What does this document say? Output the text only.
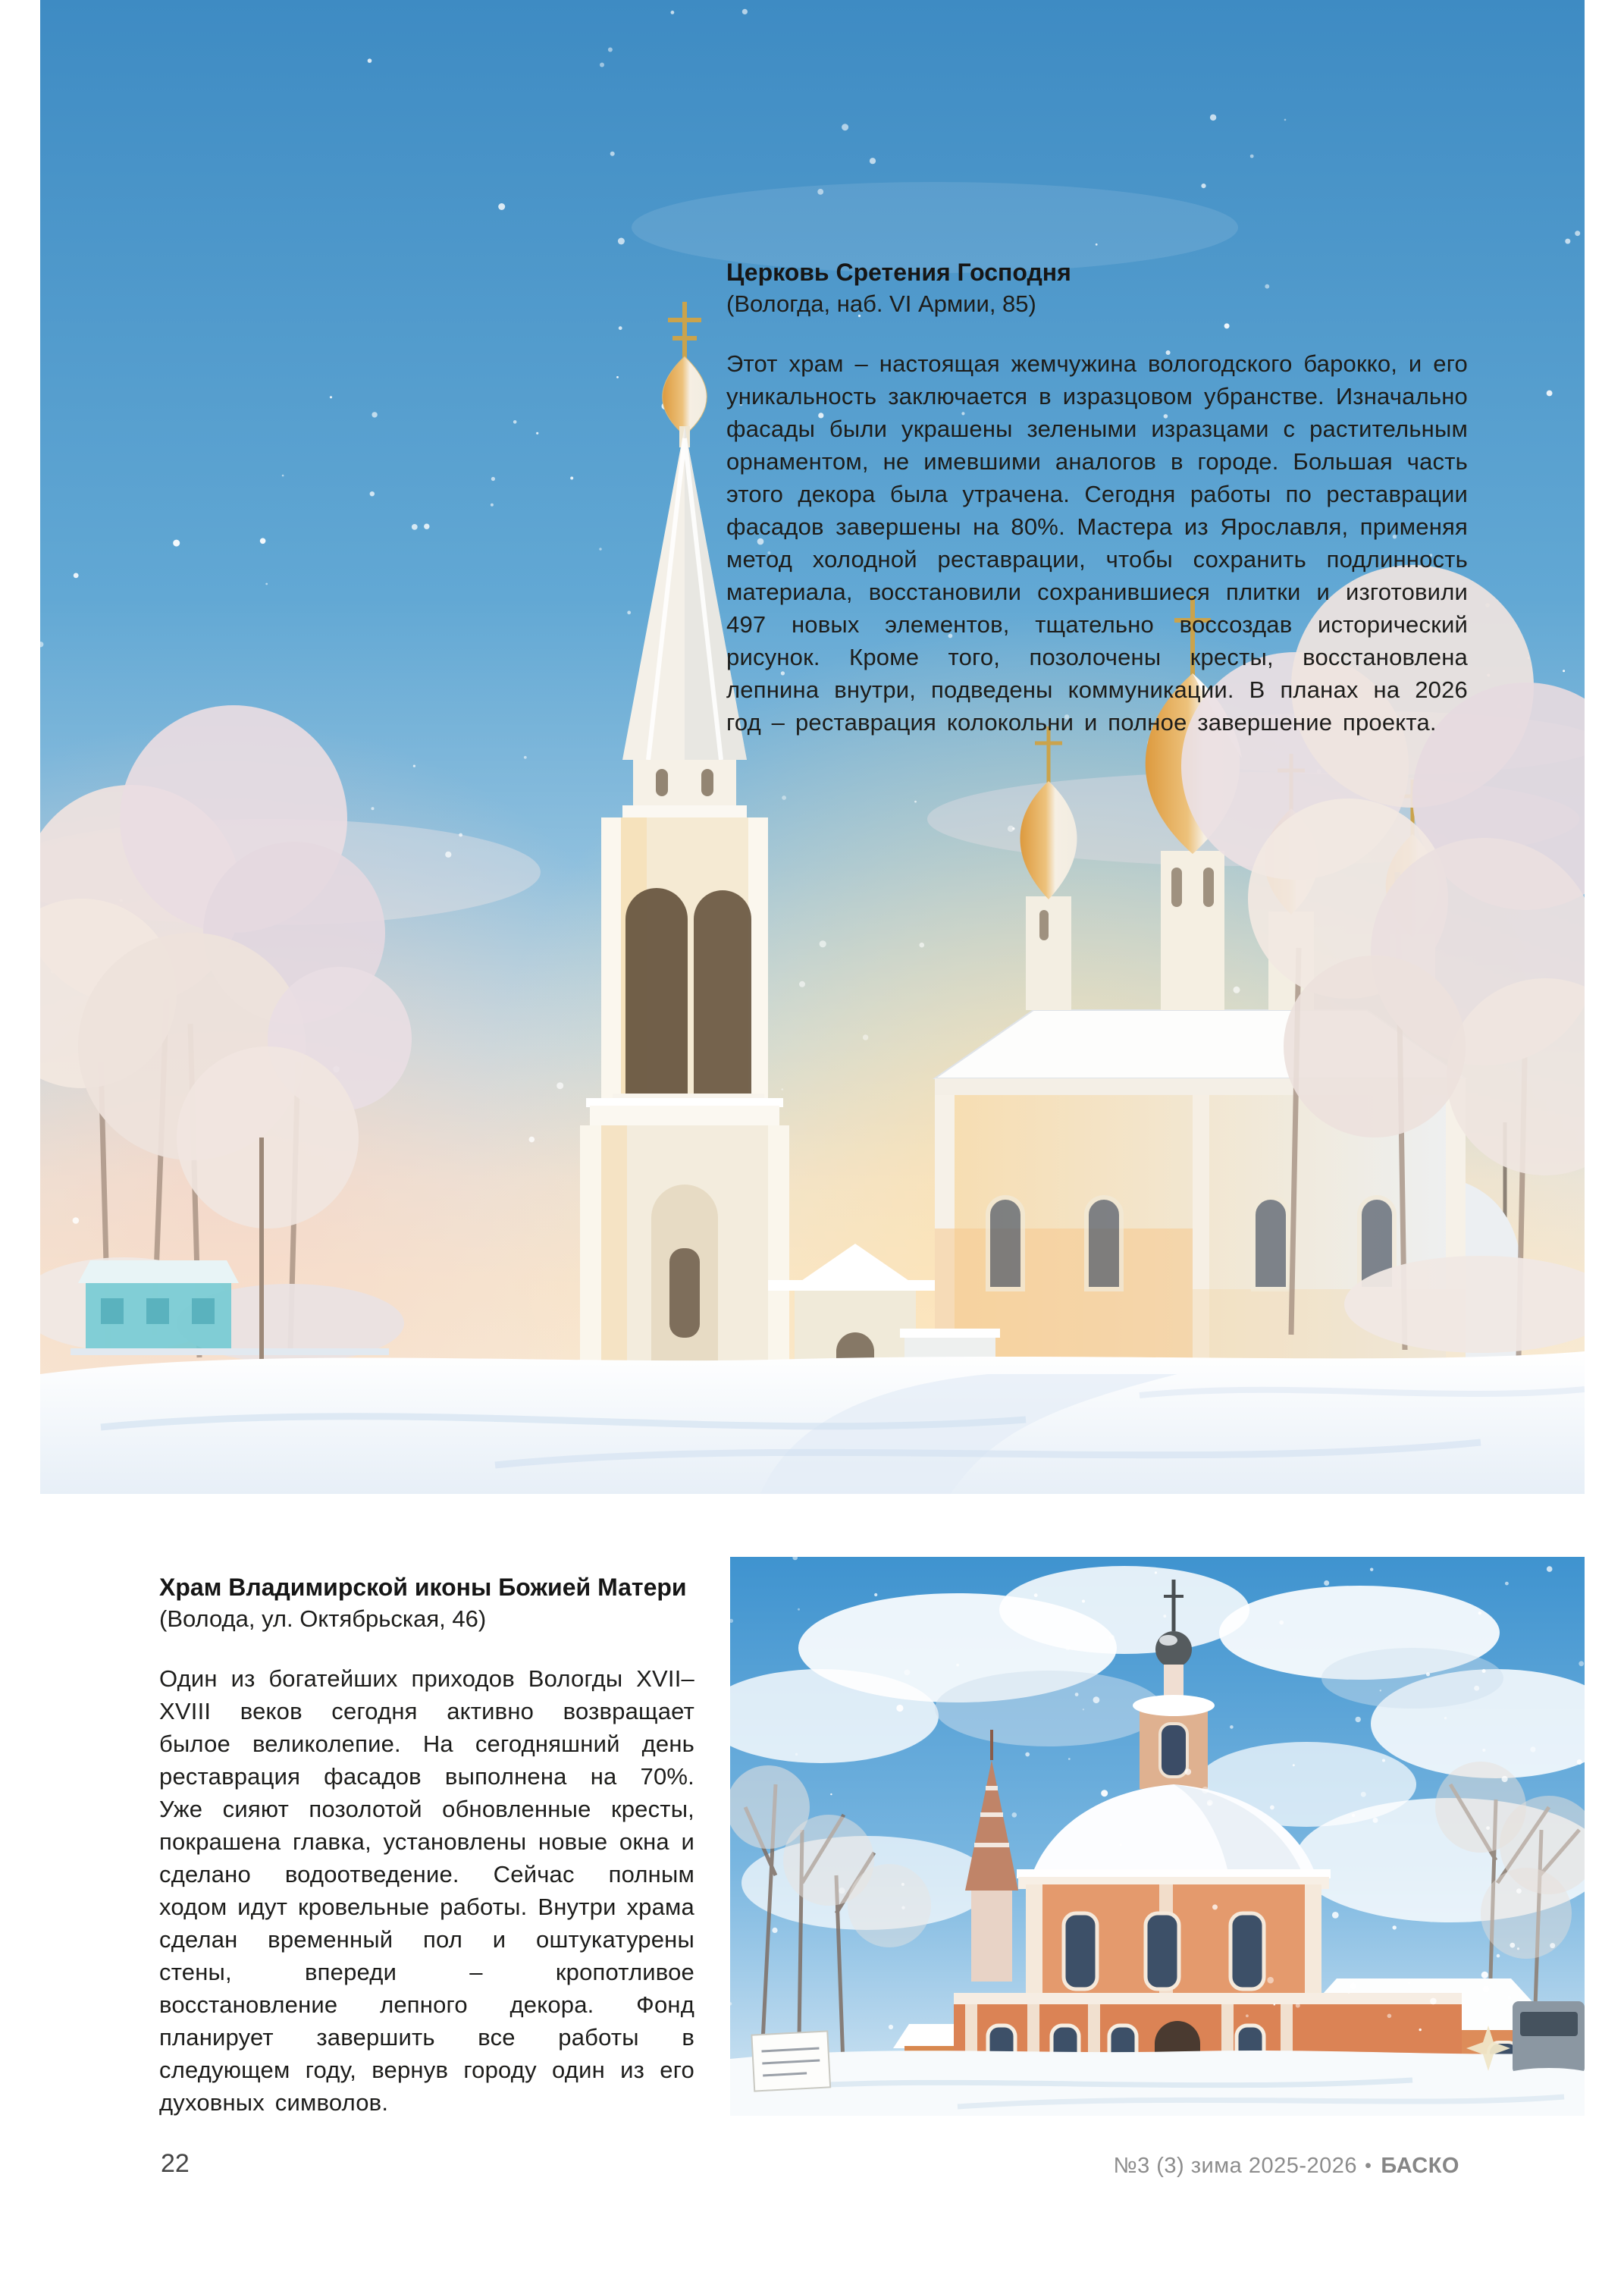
Церковь Сретения Господня

(Вологда, наб. VI Армии, 85)

Этот храм – настоящая жемчужина вологодского барокко, и его уникальность заключается в изразцовом убранстве. Изначально фасады были украшены зелеными изразцами с растительным орнаментом, не имевшими аналогов в городе. Большая часть этого декора была утрачена. Сегодня работы по реставрации фасадов завершены на 80%. Мастера из Ярославля, применяя метод холодной реставрации, чтобы сохранить подлинность материала, восстановили сохранившиеся плитки и изготовили 497 новых элементов, тщательно воссоздав исторический рисунок. Кроме того, позолочены кресты, восстановлена лепнина внутри, подведены коммуникации. В планах на 2026 год – реставрация колокольни и полное завершение проекта.

Храм Владимирской иконы Божией Матери

(Волода, ул. Октябрьская, 46)

Один из богатейших приходов Вологды XVII–XVIII веков сегодня активно возвращает былое великолепие. На сегодняшний день реставрация фасадов выполнена на 70%. Уже сияют позолотой обновленные кресты, покрашена главка, установлены новые окна и сделано водоотведение. Сейчас полным ходом идут кровельные работы. Внутри храма сделан временный пол и оштукатурены стены, впереди – кропотливое восстановление лепного декора. Фонд планирует завершить все работы в следующем году, вернув городу один из его духовных символов.

22	№3 (3) зима 2025-2026 • БАСКО
